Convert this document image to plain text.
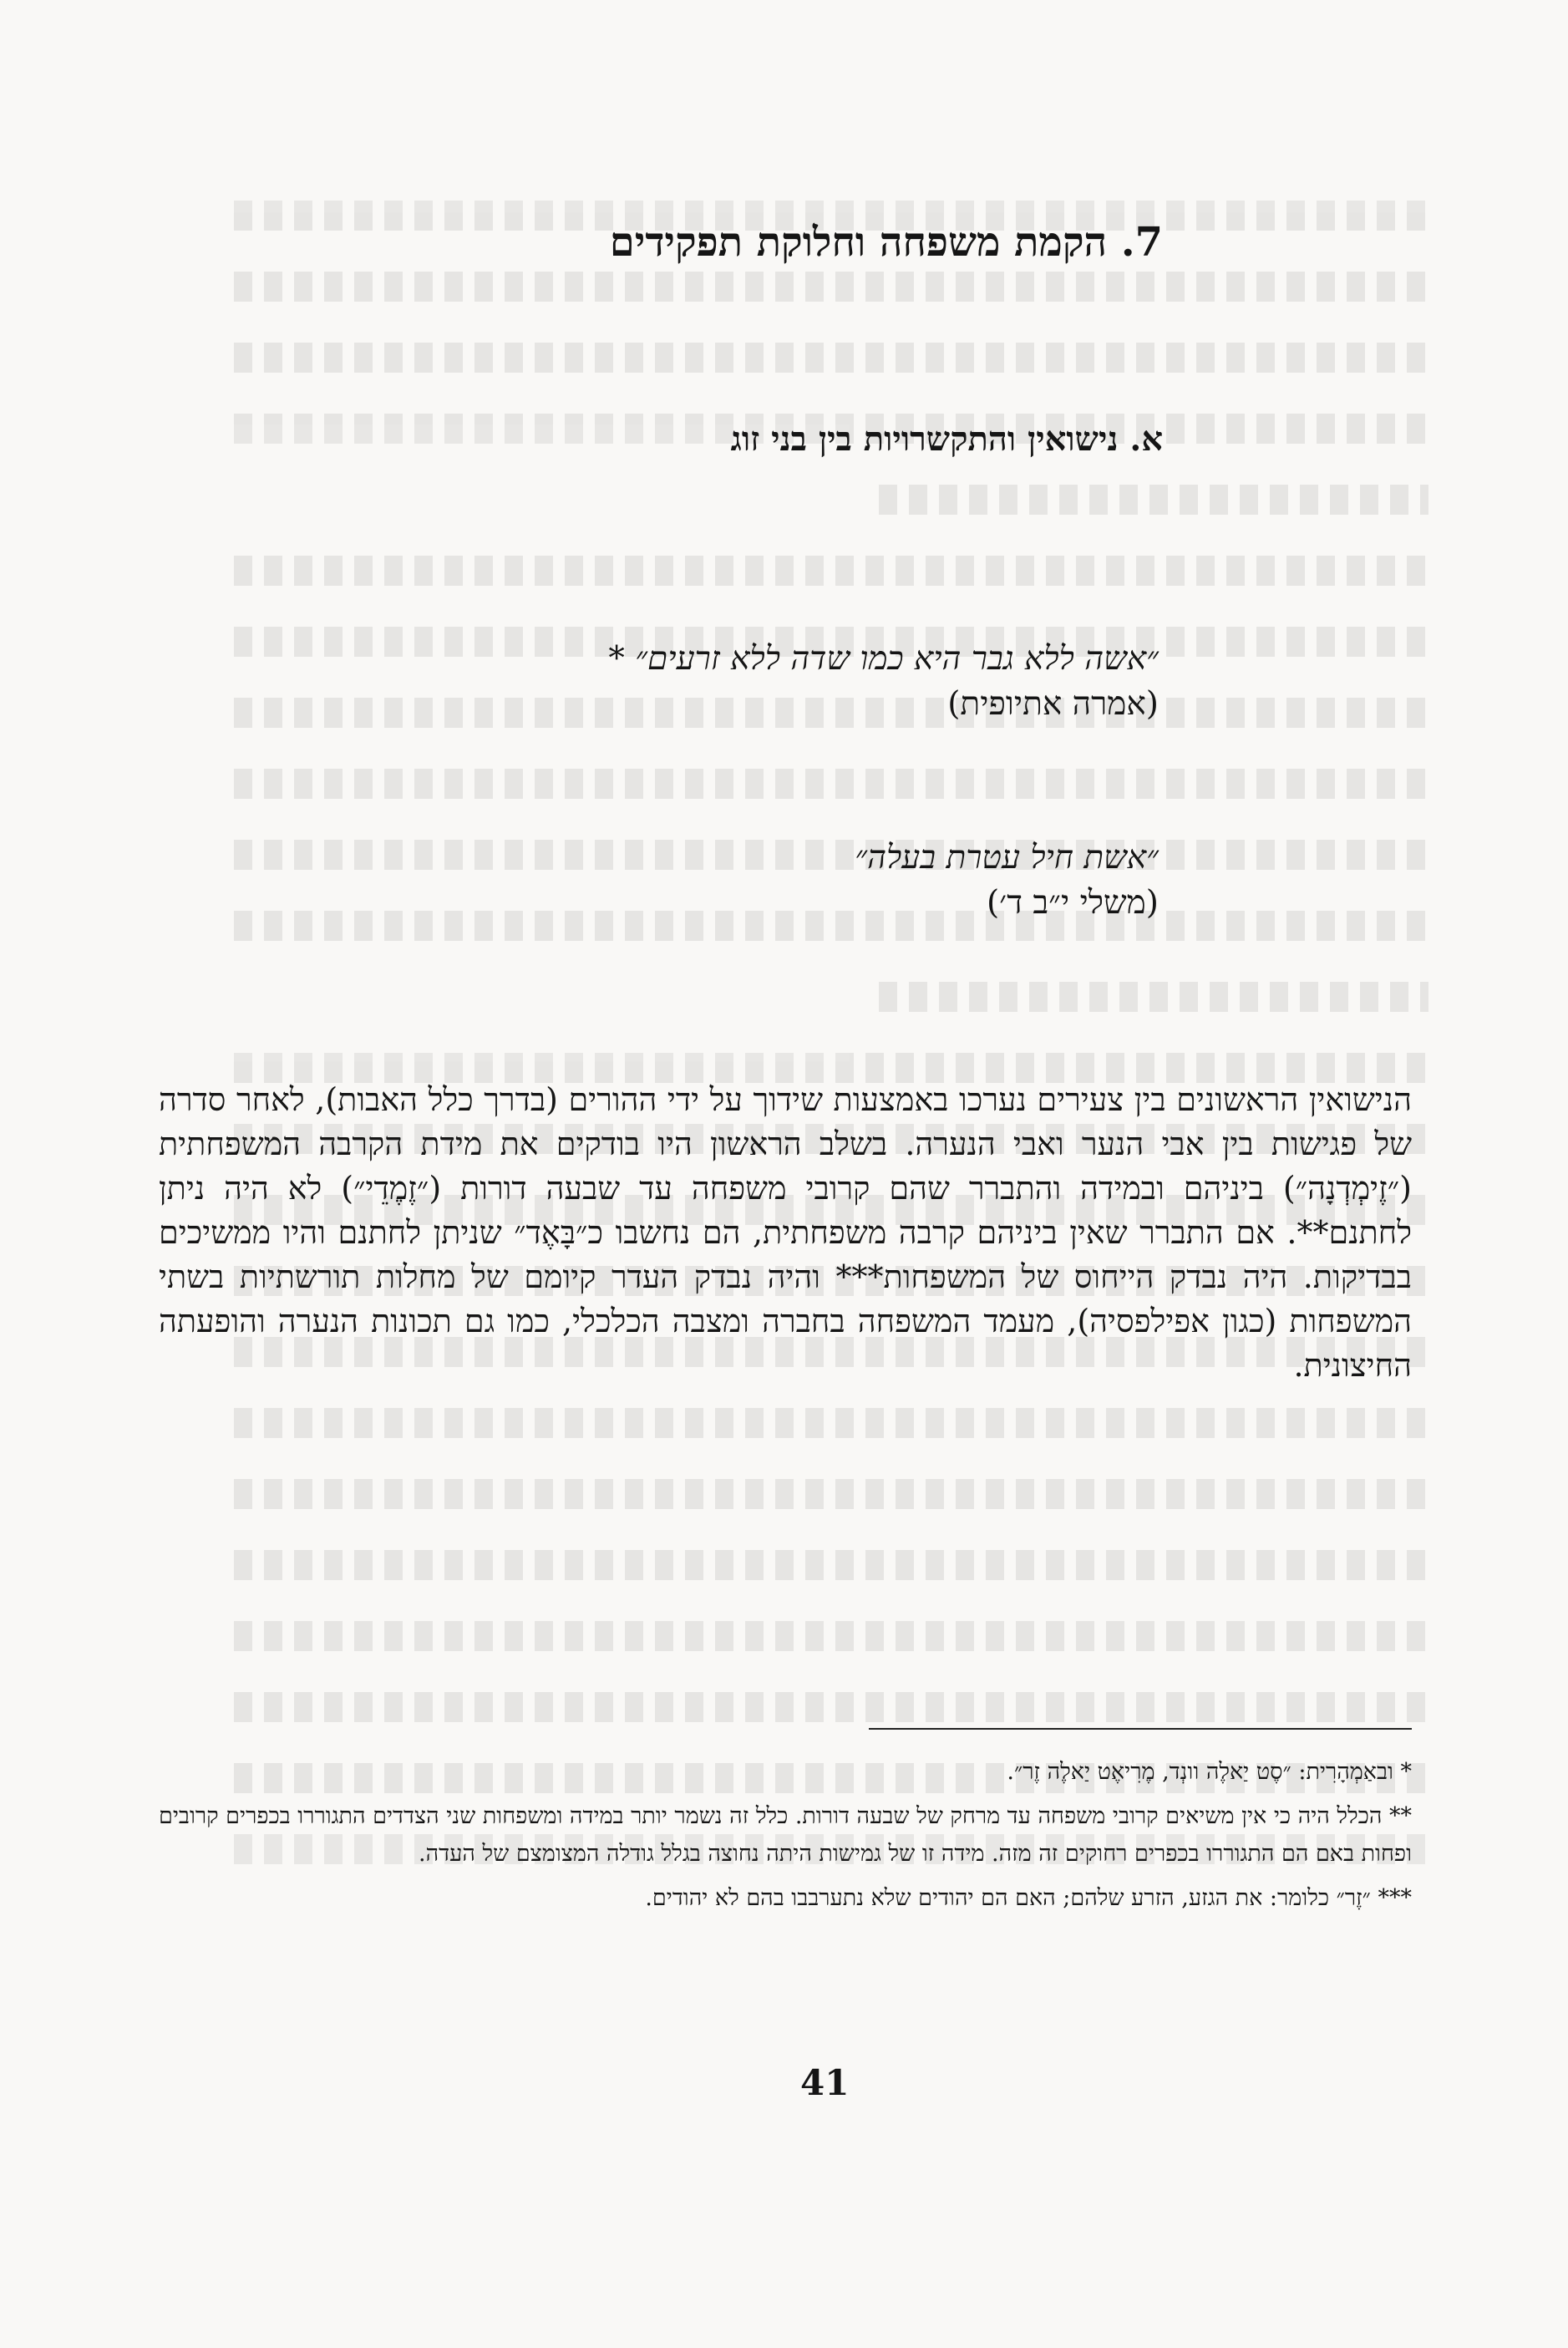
7. הקמת משפחה וחלוקת תפקידים
א. נישואין והתקשרויות בין בני זוג
״אשה ללא גבר היא כמו שדה ללא זרעים״ *
(אמרה אתיופית)
״אשת חיל עטרת בעלה״
(משלי י״ב ד׳)

הנישואין הראשונים בין צעירים נערכו באמצעות שידוך על ידי ההורים (בדרך כלל האבות), לאחר סדרה של פגישות בין אבי הנער ואבי הנערה. בשלב הראשון היו בודקים את מידת הקרבה המשפחתית (״זֶימְדְנָה״) ביניהם ובמידה והתברר שהם קרובי משפחה עד שבעה דורות (״זֶמֶדֵי״) לא היה ניתן לחתנם**. אם התברר שאין ביניהם קרבה משפחתית, הם נחשבו כ״בָּאֶד״ שניתן לחתנם והיו ממשיכים בבדיקות. היה נבדק הייחוס של המשפחות*** והיה נבדק העדר קיומם של מחלות תורשתיות בשתי המשפחות (כגון אפילפסיה), מעמד המשפחה בחברה ומצבה הכלכלי, כמו גם תכונות הנערה והופעתה החיצונית.

* ובאַמְהָרִית: ״סֶט יַאלֶה וונְד, מֶרִיאֶט יַאלֶה זֶר״.

** הכלל היה כי אין משיאים קרובי משפחה עד מרחק של שבעה דורות. כלל זה נשמר יותר במידה ומשפחות שני הצדדים התגוררו בכפרים קרובים ופחות באם הם התגוררו בכפרים רחוקים זה מזה. מידה זו של גמישות היתה נחוצה בגלל גודלה המצומצם של העדה.

*** ״זֶר״ כלומר: את הגזע, הזרע שלהם; האם הם יהודים שלא נתערבבו בהם לא יהודים.

41
